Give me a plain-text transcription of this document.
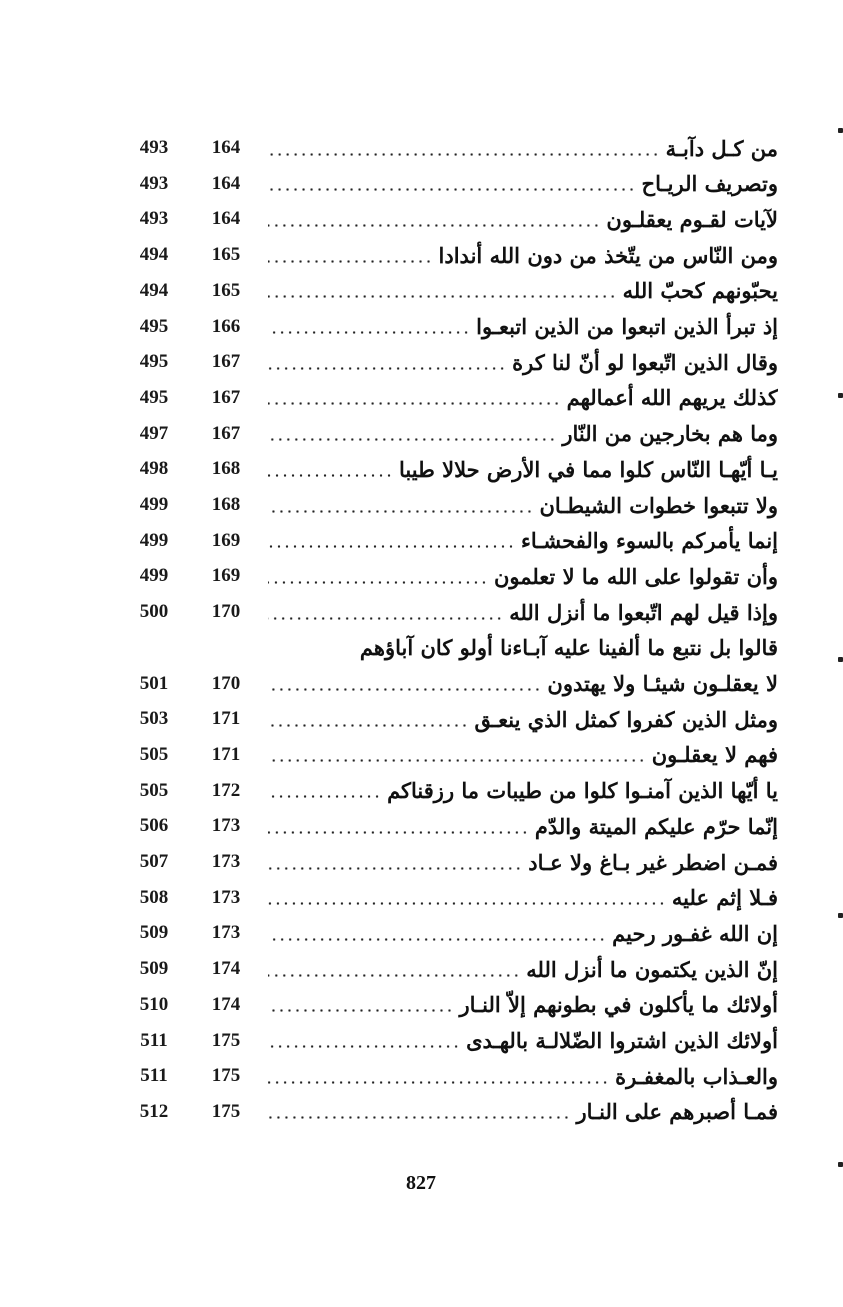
493	164	من كـل دآبـة
493	164	وتصريف الريـاح
493	164	لآيات لقـوم يعقلـون
494	165	ومن النّاس من يتّخذ من دون الله أندادا
494	165	يحبّونهم كحبّ الله
495	166	إذ تبرأ الذين اتبعوا من الذين اتبعـوا
495	167	وقال الذين اتّبعوا لو أنّ لنا كرة
495	167	كذلك يريهم الله أعمالهم
497	167	وما هم بخارجين من النّار
498	168	يـا أيّهـا النّاس كلوا مما في الأرض حلالا طيبا
499	168	ولا تتبعوا خطوات الشيطـان
499	169	إنما يأمركم بالسوء والفحشـاء
499	169	وأن تقولوا على الله ما لا تعلمون
500	170	وإذا قيل لهم اتّبعوا ما أنزل الله
قالوا بل نتبع ما ألفينا عليه آبـاءنا أولو كان آباؤهم
501	170	لا يعقلـون شيئـا ولا يهتدون
503	171	ومثل الذين كفروا كمثل الذي ينعـق
505	171	فهم لا يعقلـون
505	172	يا أيّها الذين آمنـوا كلوا من طيبات ما رزقناكم
506	173	إنّما حرّم عليكم الميتة والدّم
507	173	فمـن اضطر غير بـاغ ولا عـاد
508	173	فـلا إثم عليه
509	173	إن الله غفـور رحيم
509	174	إنّ الذين يكتمون ما أنزل الله
510	174	أولائك ما يأكلون في بطونهم إلاّ النـار
511	175	أولائك الذين اشتروا الضّلالـة بالهـدى
511	175	والعـذاب بالمغفـرة
512	175	فمـا أصبرهم على النـار
827
